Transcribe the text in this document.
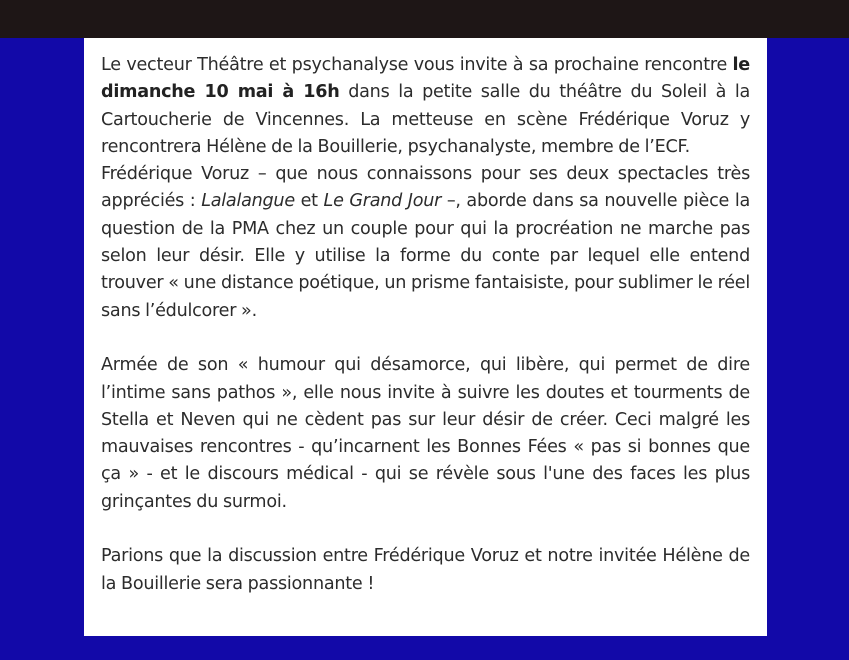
Le vecteur Théâtre et psychanalyse vous invite à sa prochaine rencontre le dimanche 10 mai à 16h dans la petite salle du théâtre du Soleil à la Cartoucherie de Vincennes. La metteuse en scène Frédérique Voruz y rencontrera Hélène de la Bouillerie, psychanalyste, membre de l’ECF.

Frédérique Voruz – que nous connaissons pour ses deux spectacles très appréciés : Lalalangue et Le Grand Jour –, aborde dans sa nouvelle pièce la question de la PMA chez un couple pour qui la procréation ne marche pas selon leur désir. Elle y utilise la forme du conte par lequel elle entend trouver « une distance poétique, un prisme fantaisiste, pour sublimer le réel sans l’édulcorer ».

Armée de son « humour qui désamorce, qui libère, qui permet de dire l’intime sans pathos », elle nous invite à suivre les doutes et tourments de Stella et Neven qui ne cèdent pas sur leur désir de créer. Ceci malgré les mauvaises rencontres - qu’incarnent les Bonnes Fées « pas si bonnes que ça » - et le discours médical - qui se révèle sous l'une des faces les plus grinçantes du surmoi.

Parions que la discussion entre Frédérique Voruz et notre invitée Hélène de la Bouillerie sera passionnante !
